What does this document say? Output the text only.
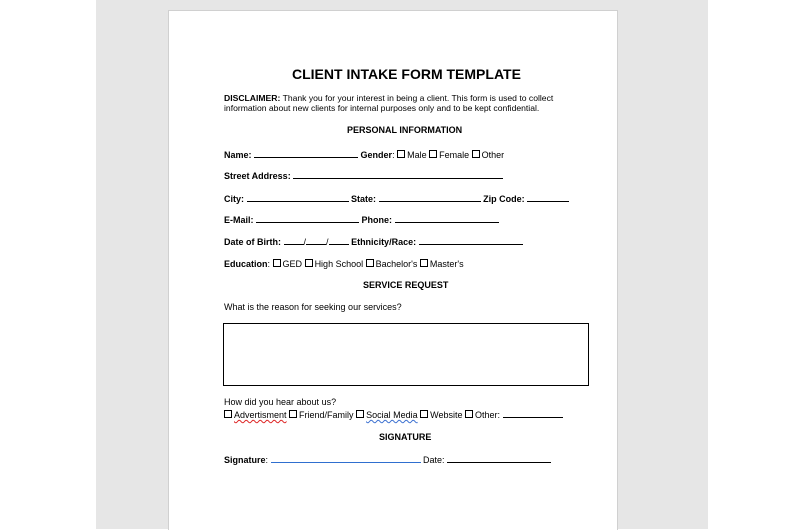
CLIENT INTAKE FORM TEMPLATE
DISCLAIMER: Thank you for your interest in being a client. This form is used to collect
information about new clients for internal purposes only and to be kept confidential.
PERSONAL INFORMATION
Name:	Gender: Male Female Other
Street Address:
City:	State:	Zip Code:
E-Mail:	Phone:
Date of Birth:	/ /	Ethnicity/Race:
Education: GED High School Bachelor's Master's
SERVICE REQUEST
What is the reason for seeking our services?
How did you hear about us?
Advertisment Friend/Family Social Media Website Other:
SIGNATURE
Signature:	Date:
